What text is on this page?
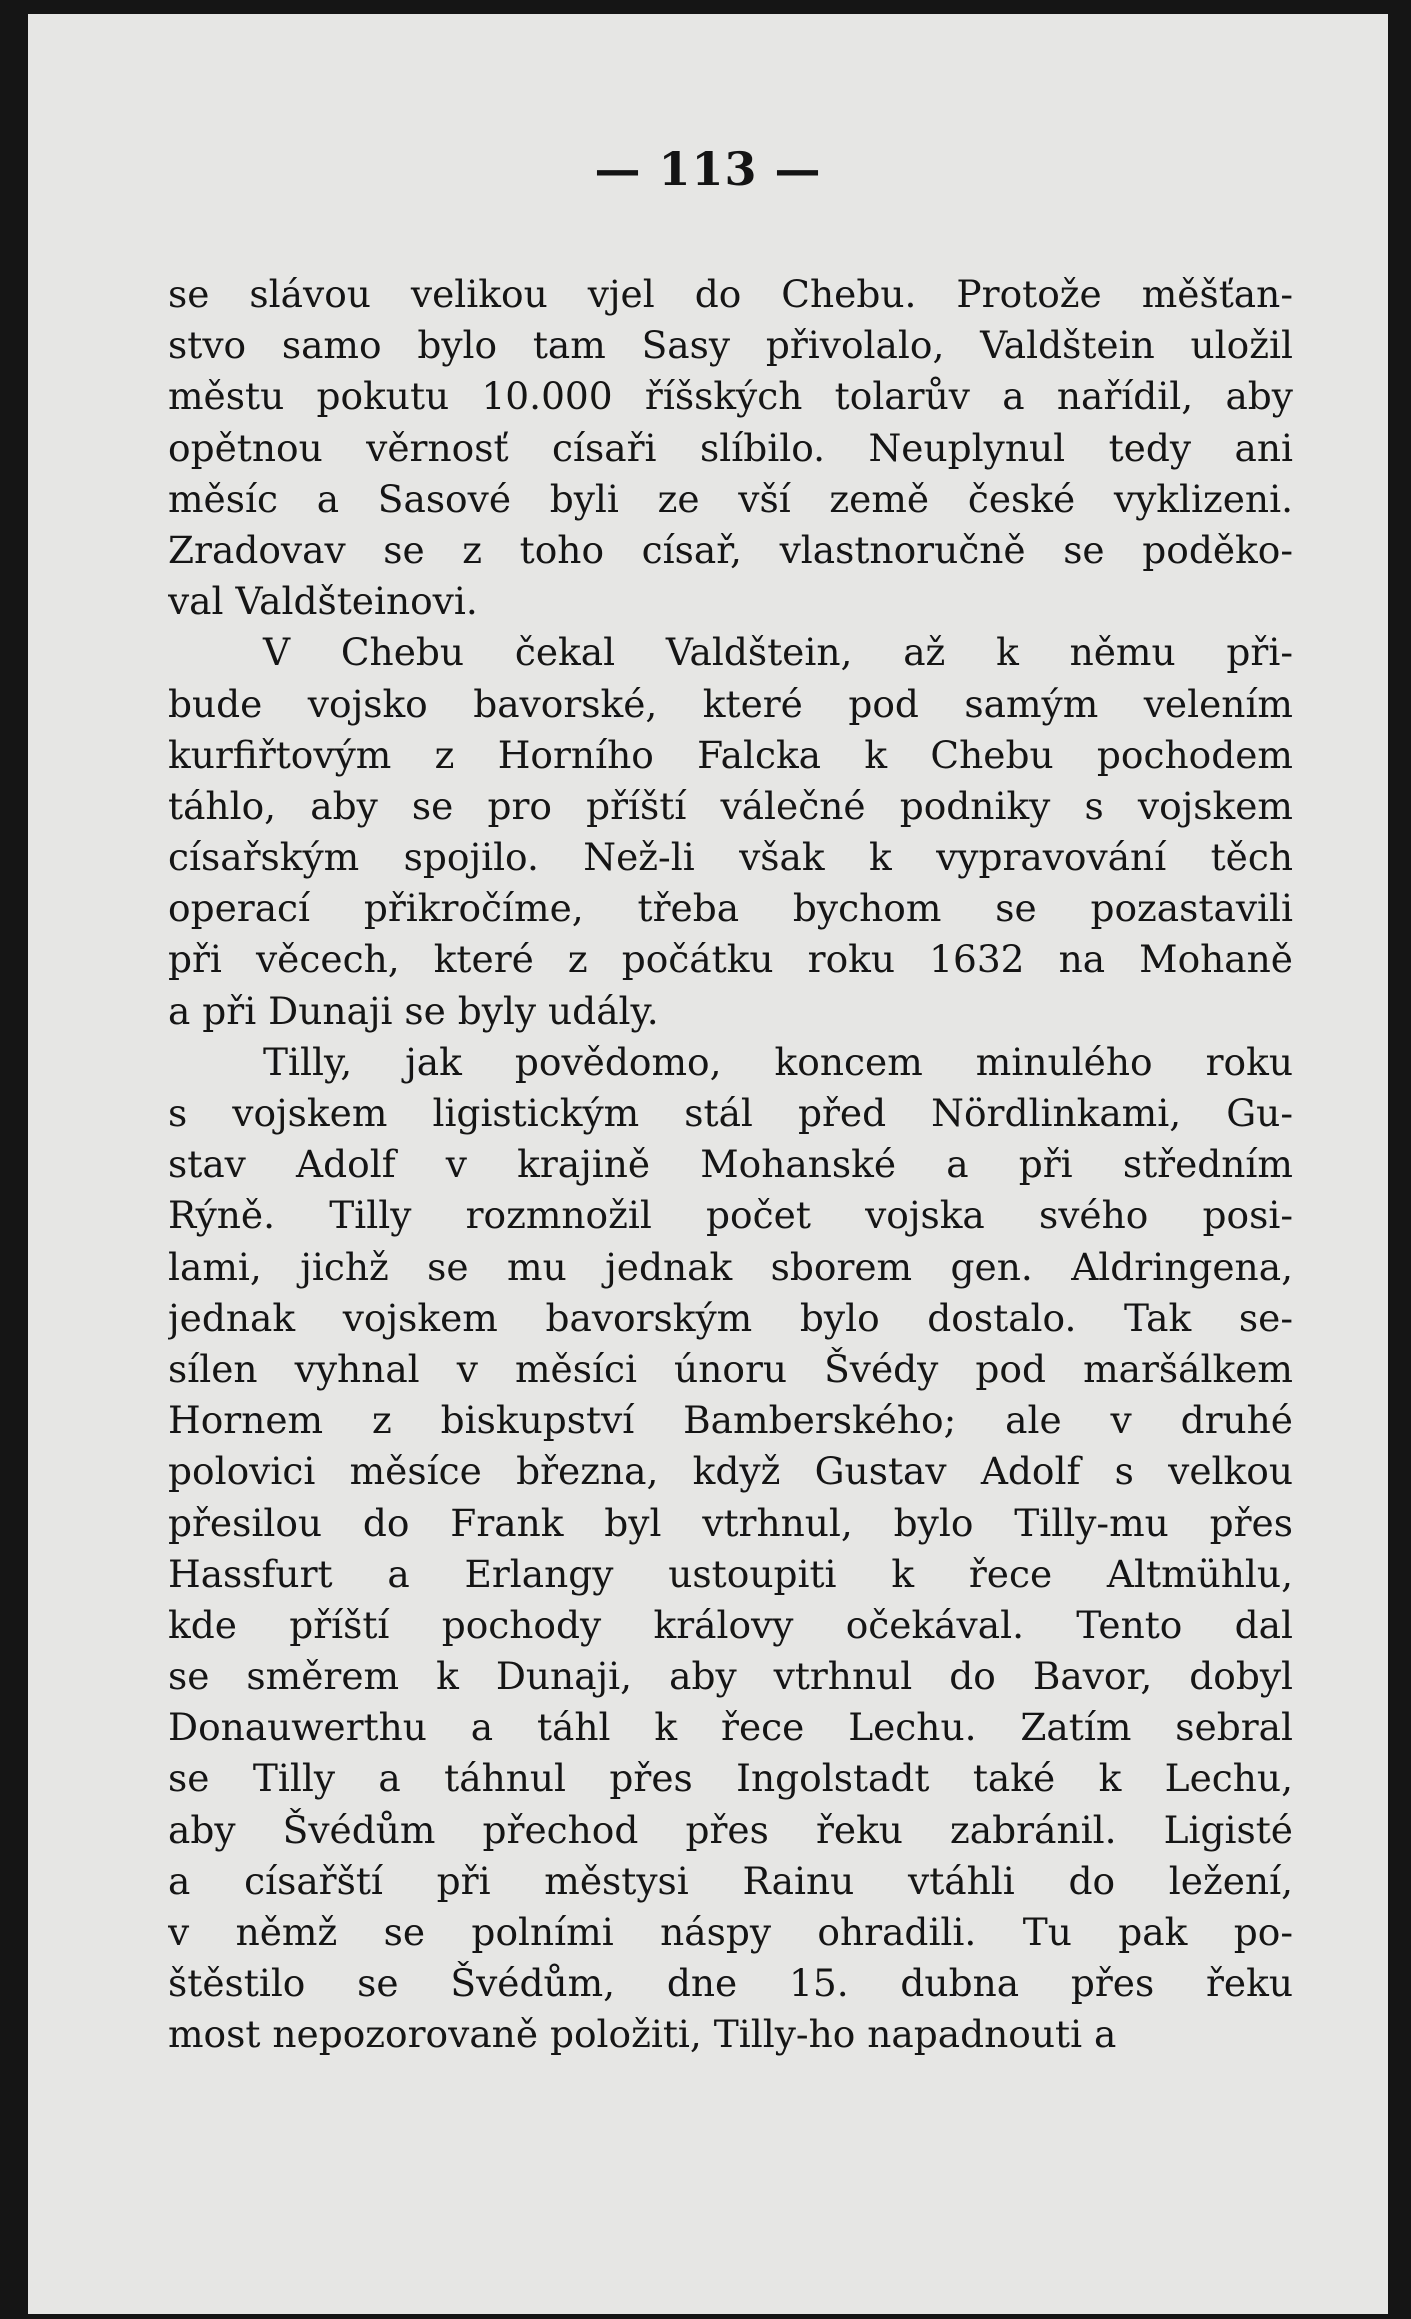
— 113 —
se slávou velikou vjel do Chebu. Protože měšťan-
stvo samo bylo tam Sasy přivolalo, Valdštein uložil
městu pokutu 10.000 říšských tolarův a nařídil, aby
opětnou věrnosť císaři slíbilo. Neuplynul tedy ani
měsíc a Sasové byli ze vší země české vyklizeni.
Zradovav se z toho císař, vlastnoručně se poděko-
val Valdšteinovi.
V Chebu čekal Valdštein, až k němu při-
bude vojsko bavorské, které pod samým velením
kurfiřtovým z Horního Falcka k Chebu pochodem
táhlo, aby se pro příští válečné podniky s vojskem
císařským spojilo. Než-li však k vypravování těch
operací přikročíme, třeba bychom se pozastavili
při věcech, které z počátku roku 1632 na Mohaně
a při Dunaji se byly udály.
Tilly, jak povědomo, koncem minulého roku
s vojskem ligistickým stál před Nördlinkami, Gu-
stav Adolf v krajině Mohanské a při středním
Rýně. Tilly rozmnožil počet vojska svého posi-
lami, jichž se mu jednak sborem gen. Aldringena,
jednak vojskem bavorským bylo dostalo. Tak se-
sílen vyhnal v měsíci únoru Švédy pod maršálkem
Hornem z biskupství Bamberského; ale v druhé
polovici měsíce března, když Gustav Adolf s velkou
přesilou do Frank byl vtrhnul, bylo Tilly-mu přes
Hassfurt a Erlangy ustoupiti k řece Altmühlu,
kde příští pochody královy očekával. Tento dal
se směrem k Dunaji, aby vtrhnul do Bavor, dobyl
Donauwerthu a táhl k řece Lechu. Zatím sebral
se Tilly a táhnul přes Ingolstadt také k Lechu,
aby Švédům přechod přes řeku zabránil. Ligisté
a císařští při městysi Rainu vtáhli do ležení,
v němž se polními náspy ohradili. Tu pak po-
štěstilo se Švédům, dne 15. dubna přes řeku
most nepozorovaně položiti, Tilly-ho napadnouti a
